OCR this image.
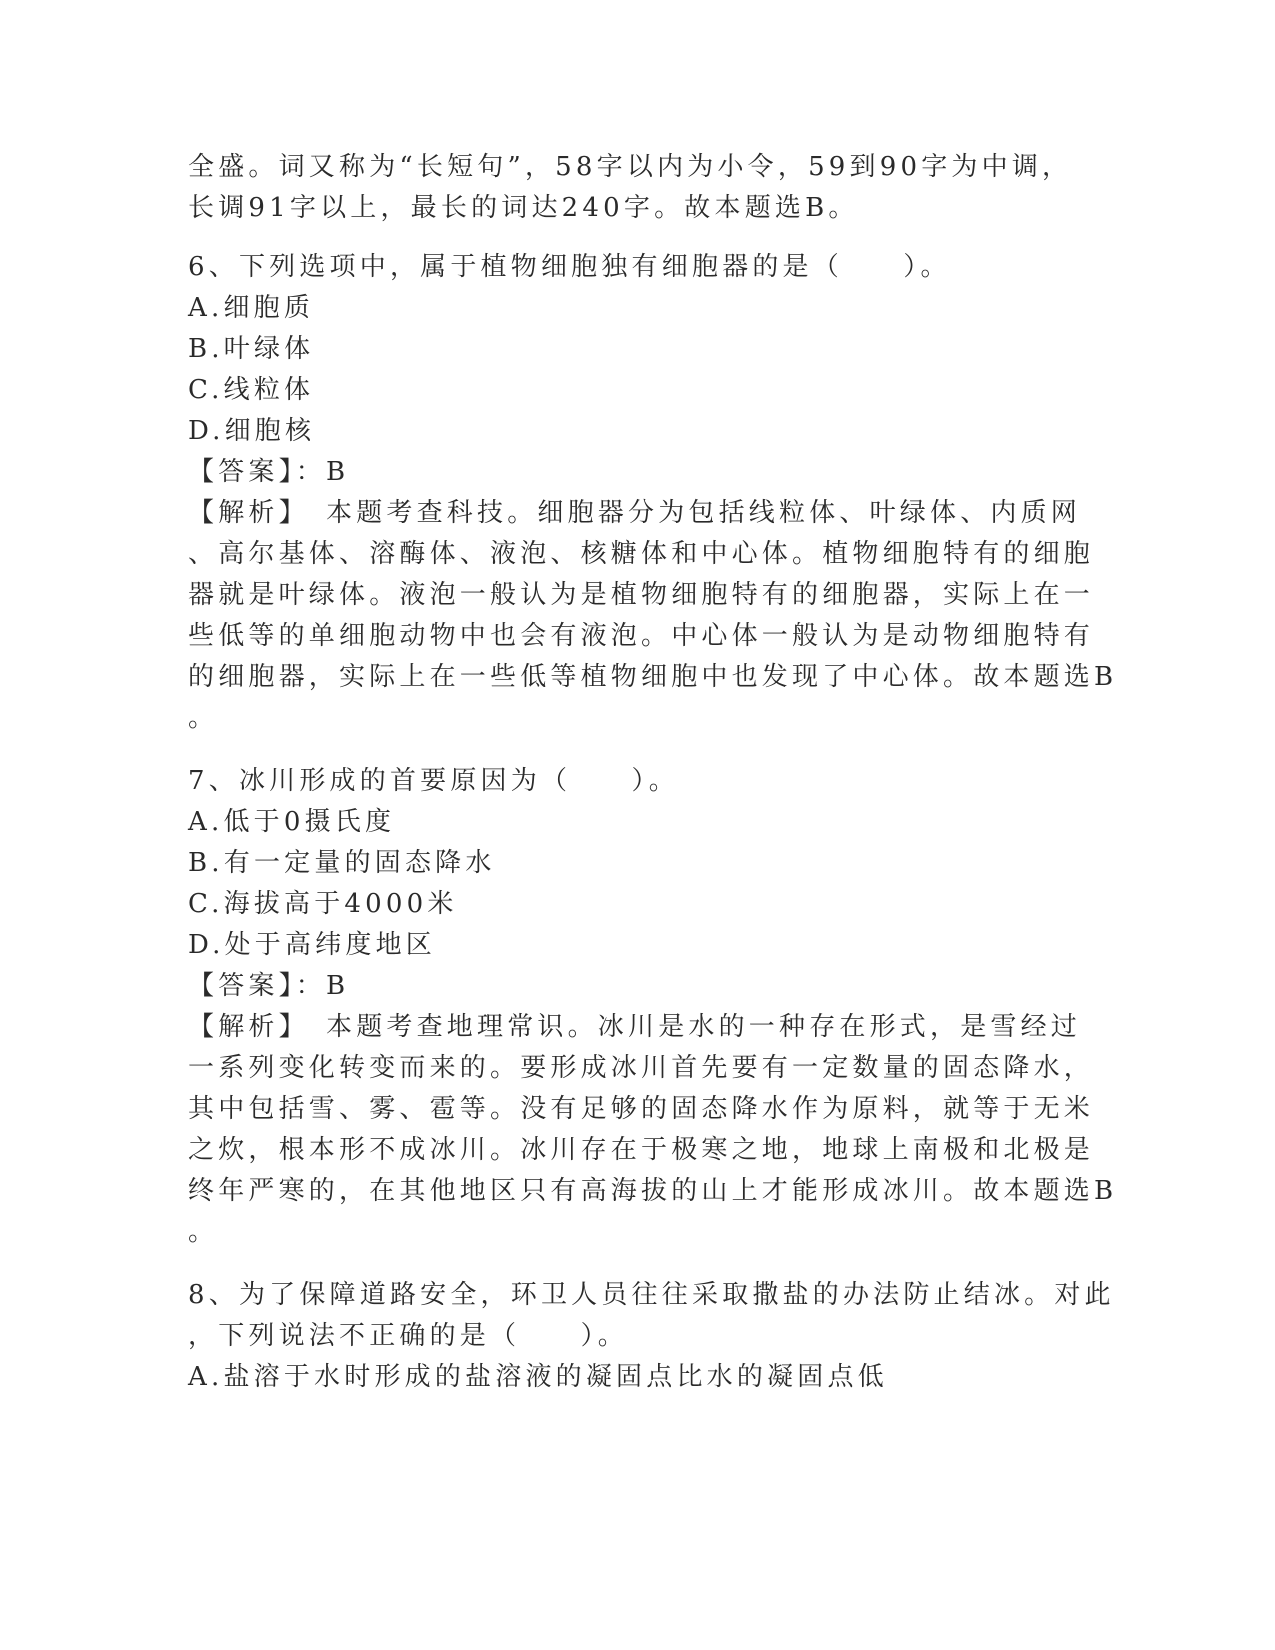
全盛。词又称为“长短句”，58字以内为小令，59到90字为中调，
长调91字以上，最长的词达240字。故本题选B。
6、下列选项中，属于植物细胞独有细胞器的是（　　）。
A.细胞质
B.叶绿体
C.线粒体
D.细胞核
【答案】：B
【解析】　本题考查科技。细胞器分为包括线粒体、叶绿体、内质网
、高尔基体、溶酶体、液泡、核糖体和中心体。植物细胞特有的细胞
器就是叶绿体。液泡一般认为是植物细胞特有的细胞器，实际上在一
些低等的单细胞动物中也会有液泡。中心体一般认为是动物细胞特有
的细胞器，实际上在一些低等植物细胞中也发现了中心体。故本题选B
。
7、冰川形成的首要原因为（　　）。
A.低于0摄氏度
B.有一定量的固态降水
C.海拔高于4000米
D.处于高纬度地区
【答案】：B
【解析】　本题考查地理常识。冰川是水的一种存在形式，是雪经过
一系列变化转变而来的。要形成冰川首先要有一定数量的固态降水，
其中包括雪、雾、雹等。没有足够的固态降水作为原料，就等于无米
之炊，根本形不成冰川。冰川存在于极寒之地，地球上南极和北极是
终年严寒的，在其他地区只有高海拔的山上才能形成冰川。故本题选B
。
8、为了保障道路安全，环卫人员往往采取撒盐的办法防止结冰。对此
，下列说法不正确的是（　　）。
A.盐溶于水时形成的盐溶液的凝固点比水的凝固点低
